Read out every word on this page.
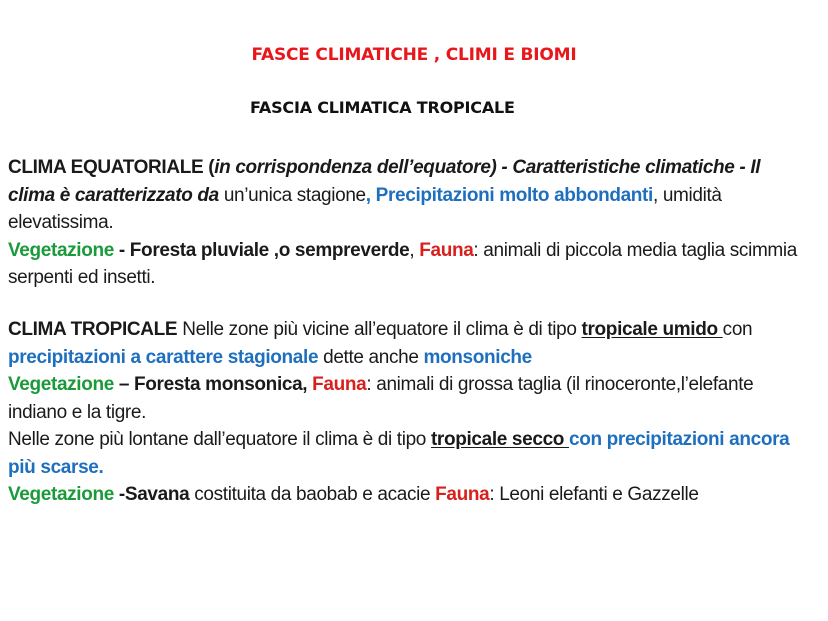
FASCE CLIMATICHE , CLIMI E BIOMI
FASCIA CLIMATICA TROPICALE

CLIMA EQUATORIALE (in corrispondenza dell’equatore) - Caratteristiche climatiche - Il clima è caratterizzato da un’unica stagione, Precipitazioni molto abbondanti, umidità elevatissima.

Vegetazione - Foresta pluviale ,o sempreverde, Fauna: animali di piccola media taglia scimmia serpenti ed insetti.

CLIMA TROPICALE Nelle zone più vicine all’equatore il clima è di tipo tropicale umido con precipitazioni a carattere stagionale dette anche monsoniche

Vegetazione – Foresta monsonica, Fauna: animali di grossa taglia (il rinoceronte,l’elefante indiano e la tigre.

Nelle zone più lontane dall’equatore il clima è di tipo tropicale secco con precipitazioni ancora più scarse.

Vegetazione -Savana costituita da baobab e acacie Fauna: Leoni elefanti e Gazzelle
